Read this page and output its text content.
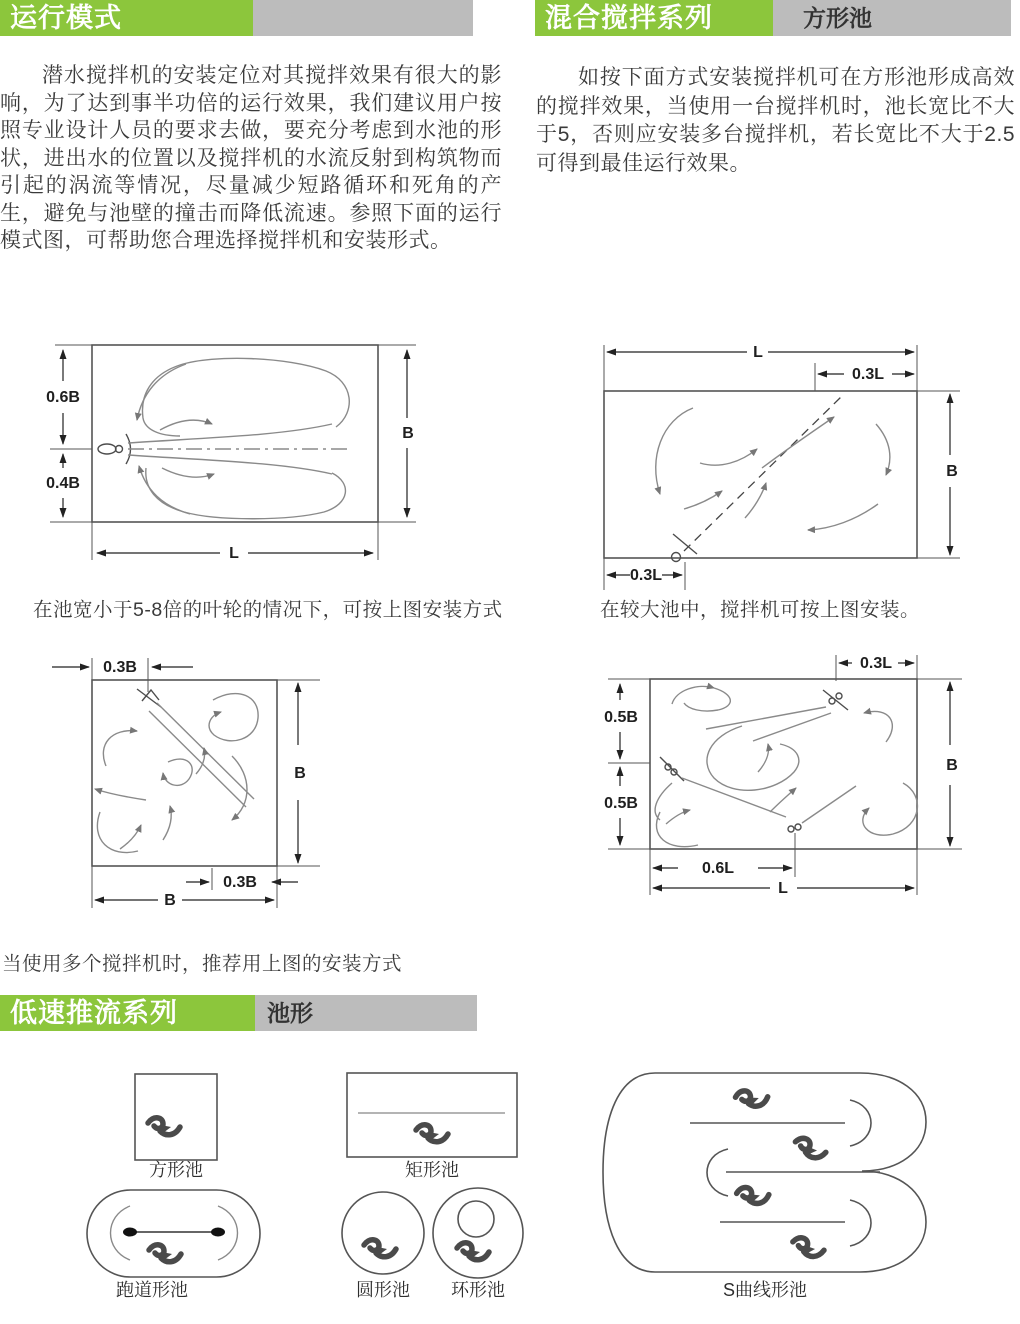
运行模式	混合搅拌系列	方形池
潜水搅拌机的安装定位对其搅拌效果有很大的影响，为了达到事半功倍的运行效果，我们建议用户按照专业设计人员的要求去做，要充分考虑到水池的形状，进出水的位置以及搅拌机的水流反射到构筑物而引起的涡流等情况，尽量减少短路循环和死角的产生，避免与池壁的撞击而降低流速。参照下面的运行模式图，可帮助您合理选择搅拌机和安装形式。
如按下面方式安装搅拌机可在方形池形成高效的搅拌效果，当使用一台搅拌机时，池长宽比不大于5，否则应安装多台搅拌机，若长宽比不大于2.5可得到最佳运行效果。
0.6B
0.4B
B
L
在池宽小于5-8倍的叶轮的情况下，可按上图安装方式
L
0.3L
B
0.3L
在较大池中，搅拌机可按上图安装。
0.3B
B
0.3B
B
0.5B
0.5B
0.3L
B
0.6L
L
当使用多个搅拌机时，推荐用上图的安装方式
低速推流系列	池形
方形池	矩形池
跑道形池	圆形池 环形池	S曲线形池
